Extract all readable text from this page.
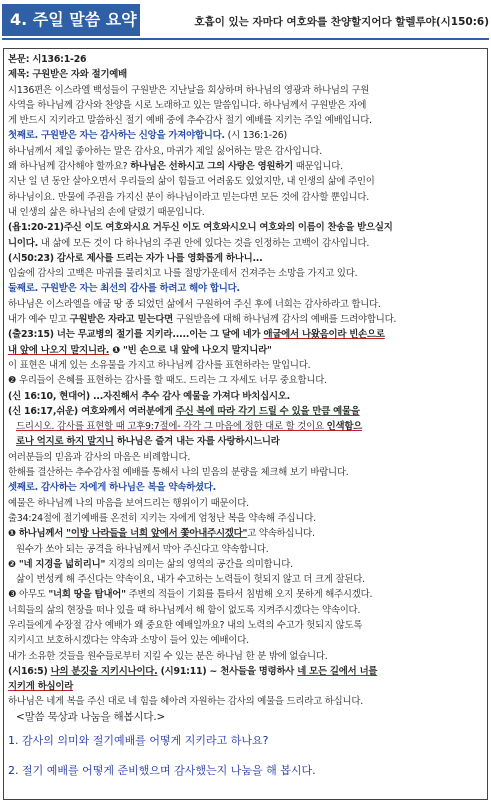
4. 주일 말씀 요약	호흡이 있는 자마다 여호와를 찬양할지어다 할렐루야(시150:6)
본문: 시136:1-26
제목: 구원받은 자와 절기예배
시136편은 이스라엘 백성들이 구원받은 지난날을 회상하며 하나님의 영광과 하나님의 구원
사역을 하나님께 감사와 찬양을 시로 노래하고 있는 말씀입니다. 하나님께서 구원받은 자에
게 반드시 지키라고 말씀하신 절기 예배 중에 추수감사 절기 예배를 지키는 주일 예배입니다.
첫째로. 구원받은 자는 감사하는 신앙을 가져야합니다. (시 136:1-26)
하나님께서 제일 좋아하는 말은 감사요, 마귀가 제일 싫어하는 말은 감사입니다.
왜 하나님께 감사해야 할까요? 하나님은 선하시고 그의 사랑은 영원하기 때문입니다.
지난 일 년 동안 살아오면서 우리들의 삶이 힘들고 어려움도 있었지만, 내 인생의 삶에 주인이
하나님이요. 만물에 주권을 가지신 분이 하나님이라고 믿는다면 모든 것에 감사할 뿐입니다.
내 인생의 삶은 하나님의 손에 달렸기 때문입니다.
(욥1:20-21)주신 이도 여호와시요 거두신 이도 여호와시오니 여호와의 이름이 찬송을 받으실지
니이다. 내 삶에 모든 것이 다 하나님의 주권 안에 있다는 것을 인정하는 고백이 감사입니다.
(시50:23) 감사로 제사를 드리는 자가 나를 영화롭게 하나니...
입술에 감사의 고백은 마귀를 물리치고 나를 절망가운데서 건져주는 소망을 가지고 있다.
둘째로. 구원받은 자는 최선의 감사를 하려고 해야 합니다.
하나님은 이스라엘을 애굽 땅 종 되었던 삶에서 구원하여 주신 후에 너희는 감사하라고 합니다.
내가 예수 믿고 구원받은 자라고 믿는다면 구원받음에 대해 하나님께 감사의 예배를 드려야합니다.
(출23:15) 너는 무교병의 절기를 지키라.....이는 그 달에 네가 애굽에서 나왔음이라 빈손으로
내 앞에 나오지 말지니라. ❶ "빈 손으로 내 앞에 나오지 말지니라"
이 표현은 내게 있는 소유물을 가지고 하나님께 감사를 표현하라는 말입니다.
❷ 우리들이 은혜를 표현하는 감사를 할 때도. 드리는 그 자세도 너무 중요합니다.
(신 16:10, 현대어) ...자진해서 추수 감사 예물을 가져다 바치십시오.
(신 16:17,쉬운) 여호와께서 여러분에게 주신 복에 따라 각기 드릴 수 있을 만큼 예물을
드리시오. 감사를 표현할 때 고후9:7절에- 각각 그 마음에 정한 대로 할 것이요 인색함으
로나 억지로 하지 말지니 하나님은 즐겨 내는 자를 사랑하시느니라
여러분들의 믿음과 감사의 마음은 비례합니다.
한해를 결산하는 추수감사절 예배를 통해서 나의 믿음의 분량을 체크해 보기 바랍니다.
셋째로. 감사하는 자에게 하나님은 복을 약속하셨다.
예물은 하나님께 나의 마음을 보여드리는 행위이기 때문이다.
출34:24절에 절기예배를 온전히 지키는 자에게 엄청난 복을 약속해 주십니다.
❶ 하나님께서 "이방 나라들을 너희 앞에서 쫓아내주시겠다"고 약속하십니다.
원수가 쏘아 되는 공격을 하나님께서 막아 주신다고 약속합니다.
❷ "네 지경을 넓히리니" 지경의 의미는 삶의 영역의 공간을 의미합니다.
삶이 번성케 해 주신다는 약속이요, 내가 수고하는 노력들이 헛되지 않고 더 크게 잘된다.
❸ 아무도 "너희 땅을 탐내어" 주변의 적들이 기회를 틈타서 침범해 오지 못하게 해주시겠다.
너희들의 삶의 현장을 떠나 있을 때 하나님께서 해 함이 없도록 지켜주시겠다는 약속이다.
우리들에게 수장절 감사 예배가 왜 중요한 예배일까요? 내의 노력의 수고가 헛되지 않도록
지키시고 보호하시겠다는 약속과 소망이 들어 있는 예배이다.
내가 소유한 것들을 원수들로부터 지킬 수 있는 분은 하나님 한 분 밖에 없습니다.
(시16:5) 나의 분깃을 지키시나이다. (시91:11) ~ 천사들을 명령하사 네 모든 길에서 너를
지키게 하심이라
하나님은 네게 복을 주신 대로 네 힘을 헤아려 자원하는 감사의 예물을 드리라고 하십니다.
<말씀 묵상과 나눔을 해봅시다.>
1. 감사의 의미와 절기예배를 어떻게 지키라고 하나요?
2. 절기 예배를 어떻게 준비했으며 감사했는지 나눔을 해 봅시다.
